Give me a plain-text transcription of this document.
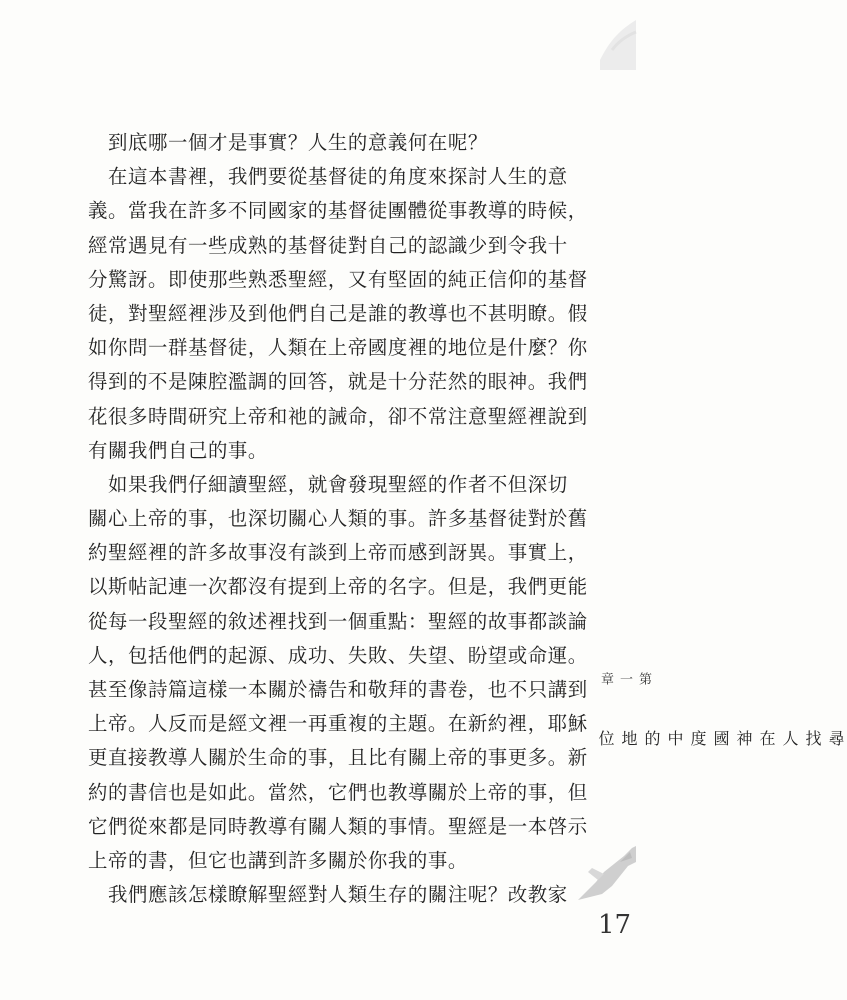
到底哪一個才是事實？人生的意義何在呢？
在這本書裡，我們要從基督徒的角度來探討人生的意
義。當我在許多不同國家的基督徒團體從事教導的時候，
經常遇見有一些成熟的基督徒對自己的認識少到令我十
分驚訝。即使那些熟悉聖經，又有堅固的純正信仰的基督
徒，對聖經裡涉及到他們自己是誰的教導也不甚明瞭。假
如你問一群基督徒，人類在上帝國度裡的地位是什麼？你
得到的不是陳腔濫調的回答，就是十分茫然的眼神。我們
花很多時間研究上帝和祂的誡命，卻不常注意聖經裡說到
有關我們自己的事。
如果我們仔細讀聖經，就會發現聖經的作者不但深切
關心上帝的事，也深切關心人類的事。許多基督徒對於舊
約聖經裡的許多故事沒有談到上帝而感到訝異。事實上，
以斯帖記連一次都沒有提到上帝的名字。但是，我們更能
從每一段聖經的敘述裡找到一個重點：聖經的故事都談論
人，包括他們的起源、成功、失敗、失望、盼望或命運。
甚至像詩篇這樣一本關於禱告和敬拜的書卷，也不只講到
上帝。人反而是經文裡一再重複的主題。在新約裡，耶穌
更直接教導人關於生命的事，且比有關上帝的事更多。新
約的書信也是如此。當然，它們也教導關於上帝的事，但
它們從來都是同時教導有關人類的事情。聖經是一本啓示
上帝的書，但它也講到許多關於你我的事。
我們應該怎樣瞭解聖經對人類生存的關注呢？改教家
第一章
尋找人在神國度中的地位
17
